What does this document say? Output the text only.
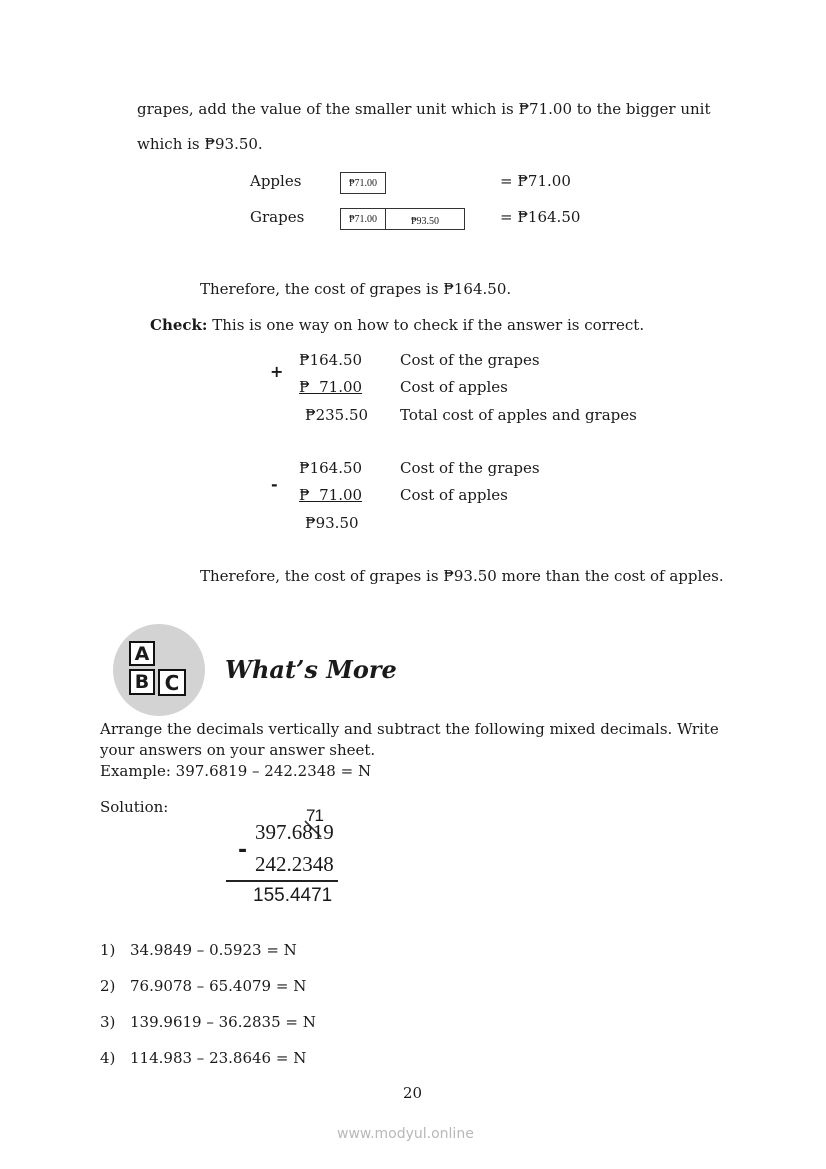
grapes, add the value of the smaller unit which is ₱71.00 to the bigger unit
which is ₱93.50.
Apples	₱71.00	= ₱71.00
Grapes	₱71.00	₱93.50	= ₱164.50
Therefore, the cost of grapes is ₱164.50.
Check: This is one way on how to check if the answer is correct.
+
₱164.50	Cost of the grapes
₱  71.00	Cost of apples
₱235.50 Total cost of apples and grapes
-
₱164.50	Cost of the grapes
₱  71.00	Cost of apples
₱93.50
Therefore, the cost of grapes is ₱93.50 more than the cost of apples.
A
B C What’s More
Arrange the decimals vertically and subtract the following mixed decimals. Write
your answers on your answer sheet.
Example: 397.6819 – 242.2348 = N
Solution:	71
397.6819
-
242.2348
155.4471
1) 34.9849 – 0.5923 = N
2) 76.9078 – 65.4079 = N
3) 139.9619 – 36.2835 = N
4) 114.983 – 23.8646 = N
20
www.modyul.online
